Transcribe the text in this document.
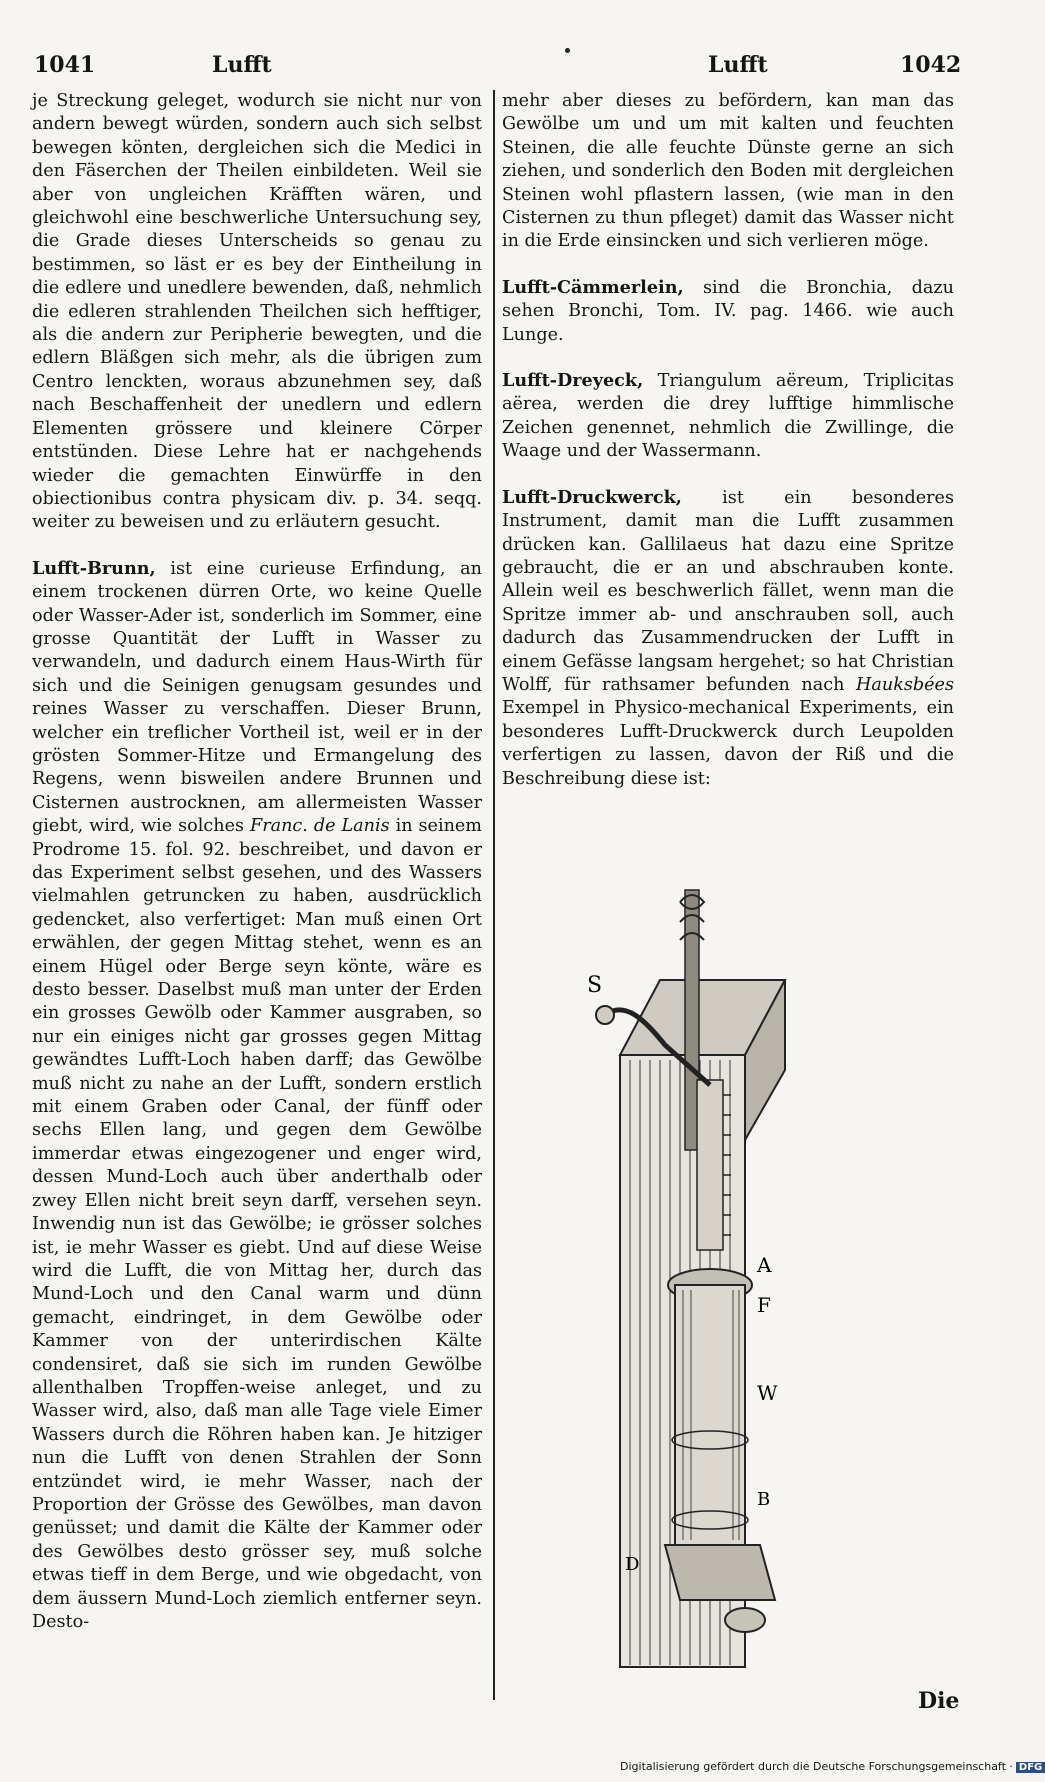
1041	Lufft	Lufft	1042

je Streckung geleget, wodurch sie nicht nur von andern bewegt würden, sondern auch sich selbst bewegen könten, dergleichen sich die Medici in den Fäserchen der Theilen einbildeten. Weil sie aber von ungleichen Kräfften wären, und gleichwohl eine beschwerliche Untersuchung sey, die Grade dieses Unterscheids so genau zu bestimmen, so läst er es bey der Eintheilung in die edlere und unedlere bewenden, daß, nehmlich die edleren strahlenden Theilchen sich hefftiger, als die andern zur Peripherie bewegten, und die edlern Bläßgen sich mehr, als die übrigen zum Centro lenckten, woraus abzunehmen sey, daß nach Beschaffenheit der unedlern und edlern Elementen grössere und kleinere Cörper entstünden. Diese Lehre hat er nachgehends wieder die gemachten Einwürffe in den obiectionibus contra physicam div. p. 34. seqq. weiter zu beweisen und zu erläutern gesucht.

Lufft-Brunn, ist eine curieuse Erfindung, an einem trockenen dürren Orte, wo keine Quelle oder Wasser-Ader ist, sonderlich im Sommer, eine grosse Quantität der Lufft in Wasser zu verwandeln, und dadurch einem Haus-Wirth für sich und die Seinigen genugsam gesundes und reines Wasser zu verschaffen. Dieser Brunn, welcher ein treflicher Vortheil ist, weil er in der grösten Sommer-Hitze und Ermangelung des Regens, wenn bisweilen andere Brunnen und Cisternen austrocknen, am allermeisten Wasser giebt, wird, wie solches Franc. de Lanis in seinem Prodrome 15. fol. 92. beschreibet, und davon er das Experiment selbst gesehen, und des Wassers vielmahlen getruncken zu haben, ausdrücklich gedencket, also verfertiget: Man muß einen Ort erwählen, der gegen Mittag stehet, wenn es an einem Hügel oder Berge seyn könte, wäre es desto besser. Daselbst muß man unter der Erden ein grosses Gewölb oder Kammer ausgraben, so nur ein einiges nicht gar grosses gegen Mittag gewändtes Lufft-Loch haben darff; das Gewölbe muß nicht zu nahe an der Lufft, sondern erstlich mit einem Graben oder Canal, der fünff oder sechs Ellen lang, und gegen dem Gewölbe immerdar etwas eingezogener und enger wird, dessen Mund-Loch auch über anderthalb oder zwey Ellen nicht breit seyn darff, versehen seyn. Inwendig nun ist das Gewölbe; ie grösser solches ist, ie mehr Wasser es giebt. Und auf diese Weise wird die Lufft, die von Mittag her, durch das Mund-Loch und den Canal warm und dünn gemacht, eindringet, in dem Gewölbe oder Kammer von der unterirdischen Kälte condensiret, daß sie sich im runden Gewölbe allenthalben Tropffen-weise anleget, und zu Wasser wird, also, daß man alle Tage viele Eimer Wassers durch die Röhren haben kan. Je hitziger nun die Lufft von denen Strahlen der Sonn entzündet wird, ie mehr Wasser, nach der Proportion der Grösse des Gewölbes, man davon genüsset; und damit die Kälte der Kammer oder des Gewölbes desto grösser sey, muß solche etwas tieff in dem Berge, und wie obgedacht, von dem äussern Mund-Loch ziemlich entferner seyn. Desto-

mehr aber dieses zu befördern, kan man das Gewölbe um und um mit kalten und feuchten Steinen, die alle feuchte Dünste gerne an sich ziehen, und sonderlich den Boden mit dergleichen Steinen wohl pflastern lassen, (wie man in den Cisternen zu thun pfleget) damit das Wasser nicht in die Erde einsincken und sich verlieren möge.

Lufft-Cämmerlein, sind die Bronchia, dazu sehen Bronchi, Tom. IV. pag. 1466. wie auch Lunge.

Lufft-Dreyeck, Triangulum aëreum, Triplicitas aërea, werden die drey lufftige himmlische Zeichen genennet, nehmlich die Zwillinge, die Waage und der Wassermann.

Lufft-Druckwerck, ist ein besonderes Instrument, damit man die Lufft zusammen drücken kan. Gallilaeus hat dazu eine Spritze gebraucht, die er an und abschrauben konte. Allein weil es beschwerlich fället, wenn man die Spritze immer ab- und anschrauben soll, auch dadurch das Zusammendrucken der Lufft in einem Gefässe langsam hergehet; so hat Christian Wolff, für rathsamer befunden nach Hauksbées Exempel in Physico-mechanical Experiments, ein besonderes Lufft-Druckwerck durch Leupolden verfertigen zu lassen, davon der Riß und die Beschreibung diese ist:

S
A
F
W
B
D
Die
Digitalisierung gefördert durch die Deutsche Forschungsgemeinschaft · DFG
